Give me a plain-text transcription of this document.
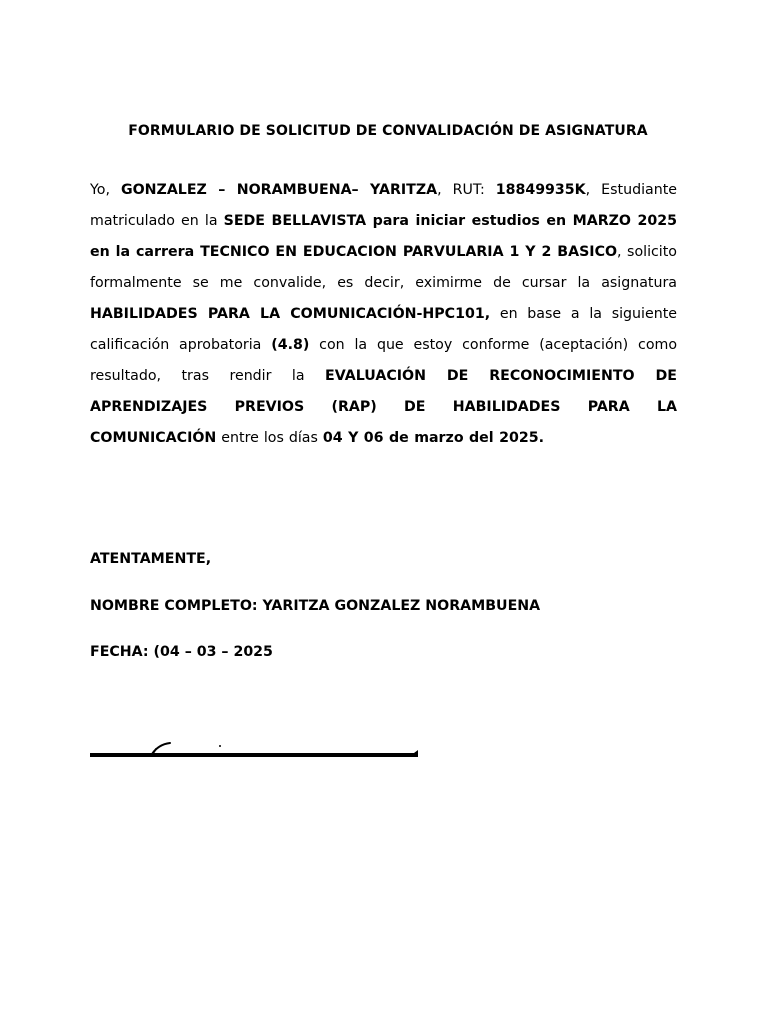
FORMULARIO DE SOLICITUD DE CONVALIDACIÓN DE ASIGNATURA

Yo, GONZALEZ – NORAMBUENA– YARITZA, RUT: 18849935K, Estudiante matriculado en la SEDE BELLAVISTA para iniciar estudios en MARZO 2025 en la carrera TECNICO EN EDUCACION PARVULARIA 1 Y 2 BASICO, solicito formalmente se me convalide, es decir, eximirme de cursar la asignatura HABILIDADES PARA LA COMUNICACIÓN-HPC101, en base a la siguiente calificación aprobatoria (4.8) con la que estoy conforme (aceptación) como resultado, tras rendir la EVALUACIÓN DE RECONOCIMIENTO DE APRENDIZAJES PREVIOS (RAP) DE HABILIDADES PARA LA COMUNICACIÓN entre los días 04 Y 06 de marzo del 2025.

ATENTAMENTE,

NOMBRE COMPLETO: YARITZA GONZALEZ NORAMBUENA

FECHA: (04 – 03 – 2025
